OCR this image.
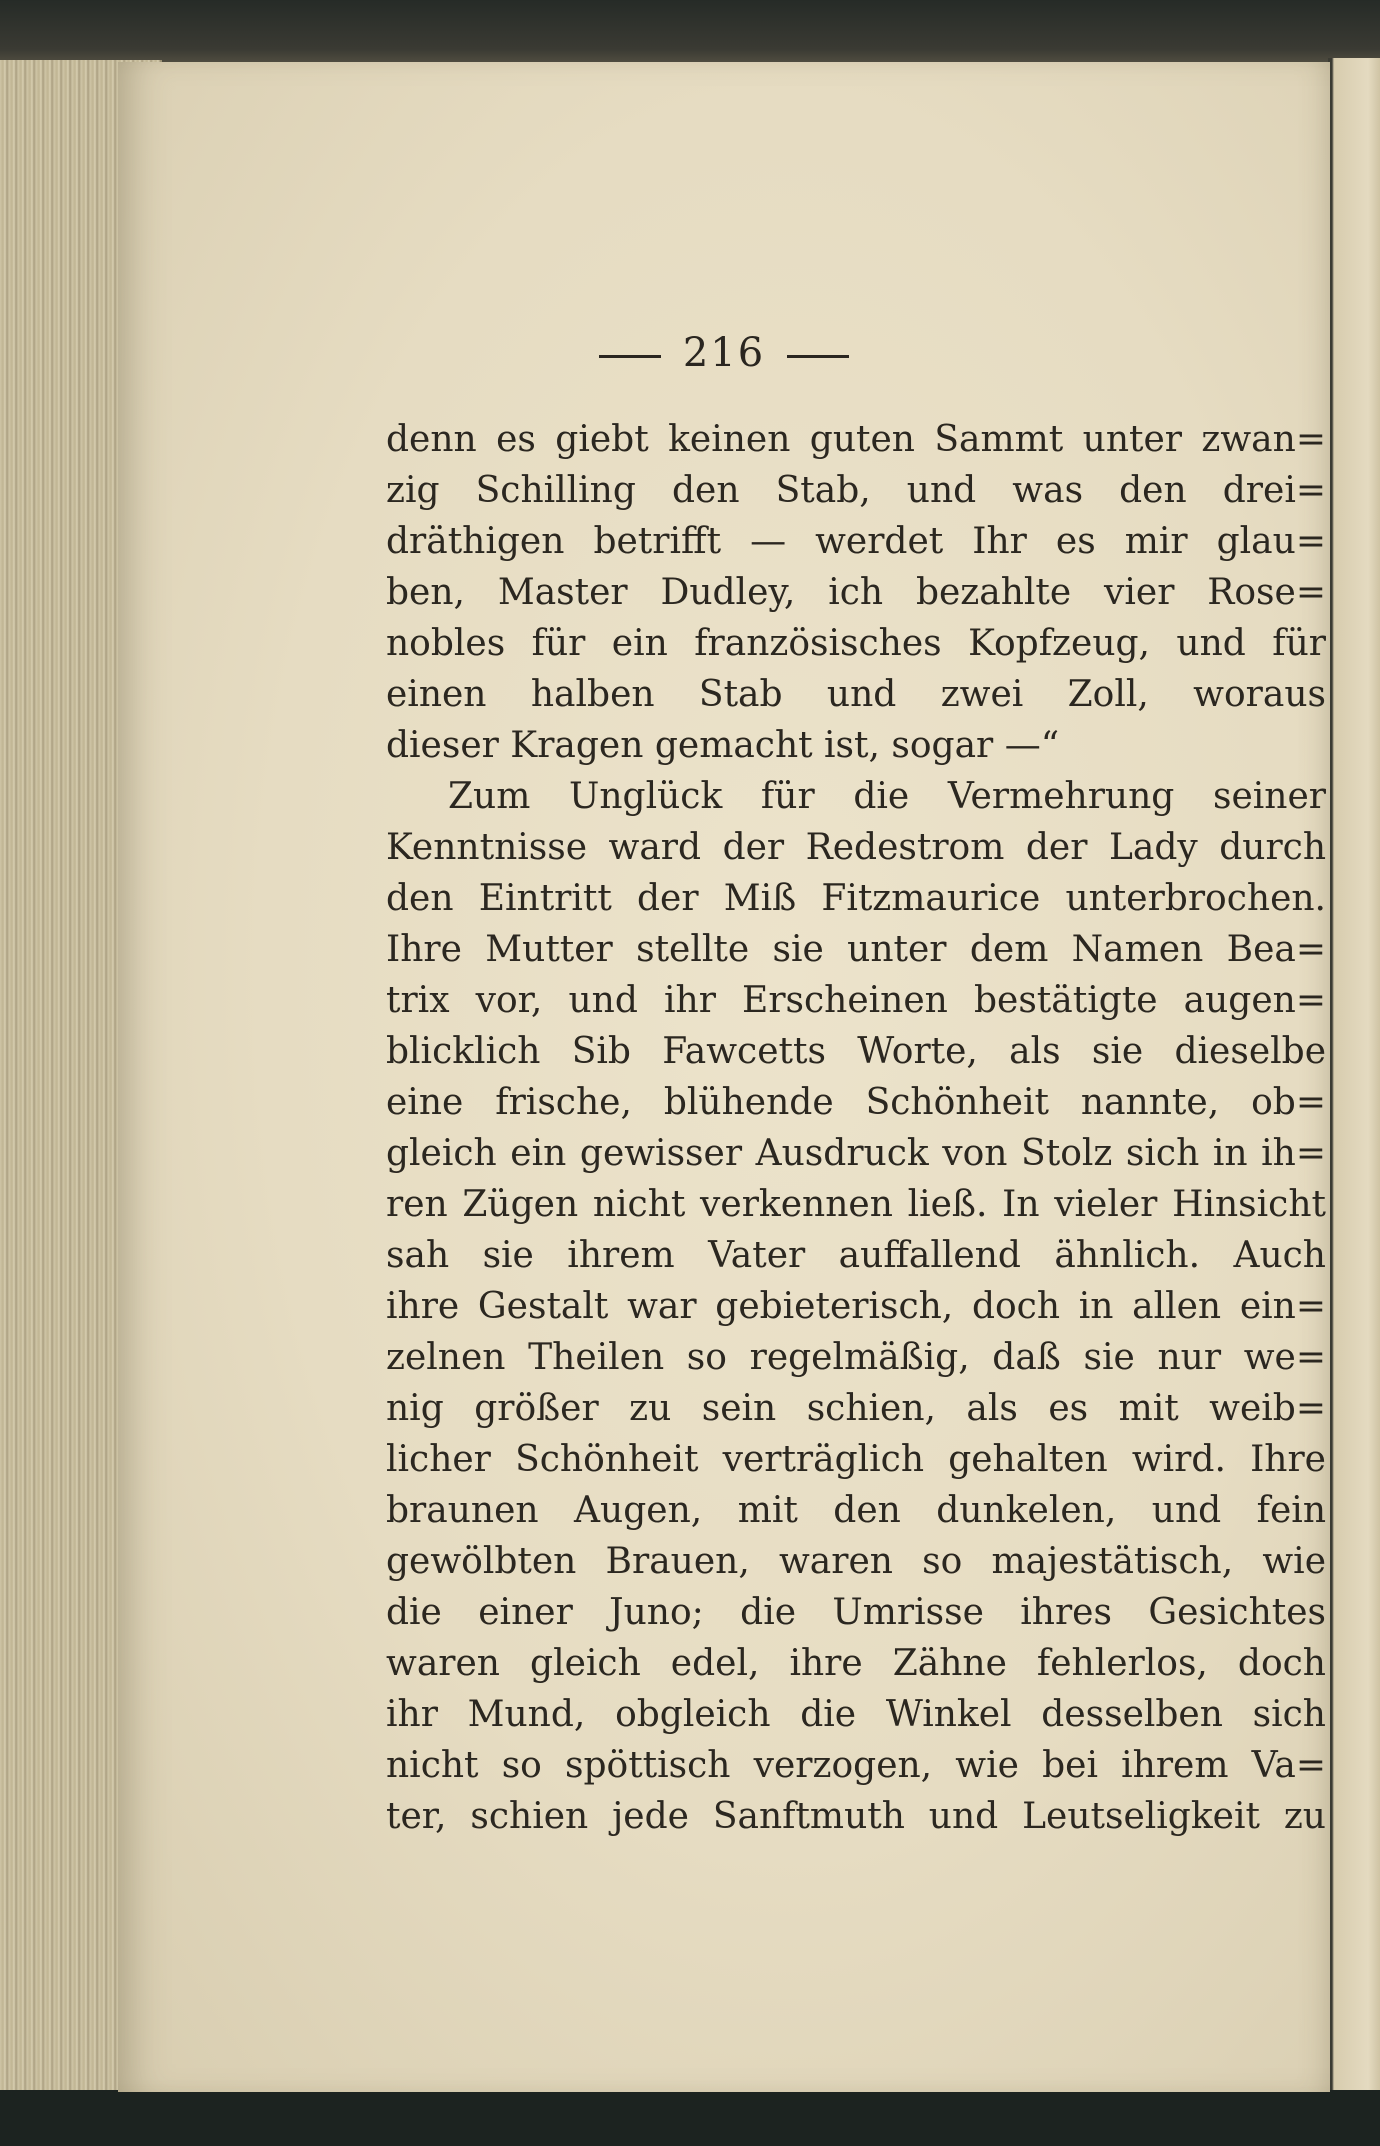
216
denn es giebt keinen guten Sammt unter zwan=
zig Schilling den Stab, und was den drei=
dräthigen betrifft — werdet Ihr es mir glau=
ben, Master Dudley, ich bezahlte vier Rose=
nobles für ein französisches Kopfzeug, und für
einen halben Stab und zwei Zoll, woraus
dieser Kragen gemacht ist, sogar —“
Zum Unglück für die Vermehrung seiner
Kenntnisse ward der Redestrom der Lady durch
den Eintritt der Miß Fitzmaurice unterbrochen.
Ihre Mutter stellte sie unter dem Namen Bea=
trix vor, und ihr Erscheinen bestätigte augen=
blicklich Sib Fawcetts Worte, als sie dieselbe
eine frische, blühende Schönheit nannte, ob=
gleich ein gewisser Ausdruck von Stolz sich in ih=
ren Zügen nicht verkennen ließ. In vieler Hinsicht
sah sie ihrem Vater auffallend ähnlich. Auch
ihre Gestalt war gebieterisch, doch in allen ein=
zelnen Theilen so regelmäßig, daß sie nur we=
nig größer zu sein schien, als es mit weib=
licher Schönheit verträglich gehalten wird. Ihre
braunen Augen, mit den dunkelen, und fein
gewölbten Brauen, waren so majestätisch, wie
die einer Juno; die Umrisse ihres Gesichtes
waren gleich edel, ihre Zähne fehlerlos, doch
ihr Mund, obgleich die Winkel desselben sich
nicht so spöttisch verzogen, wie bei ihrem Va=
ter, schien jede Sanftmuth und Leutseligkeit zu
